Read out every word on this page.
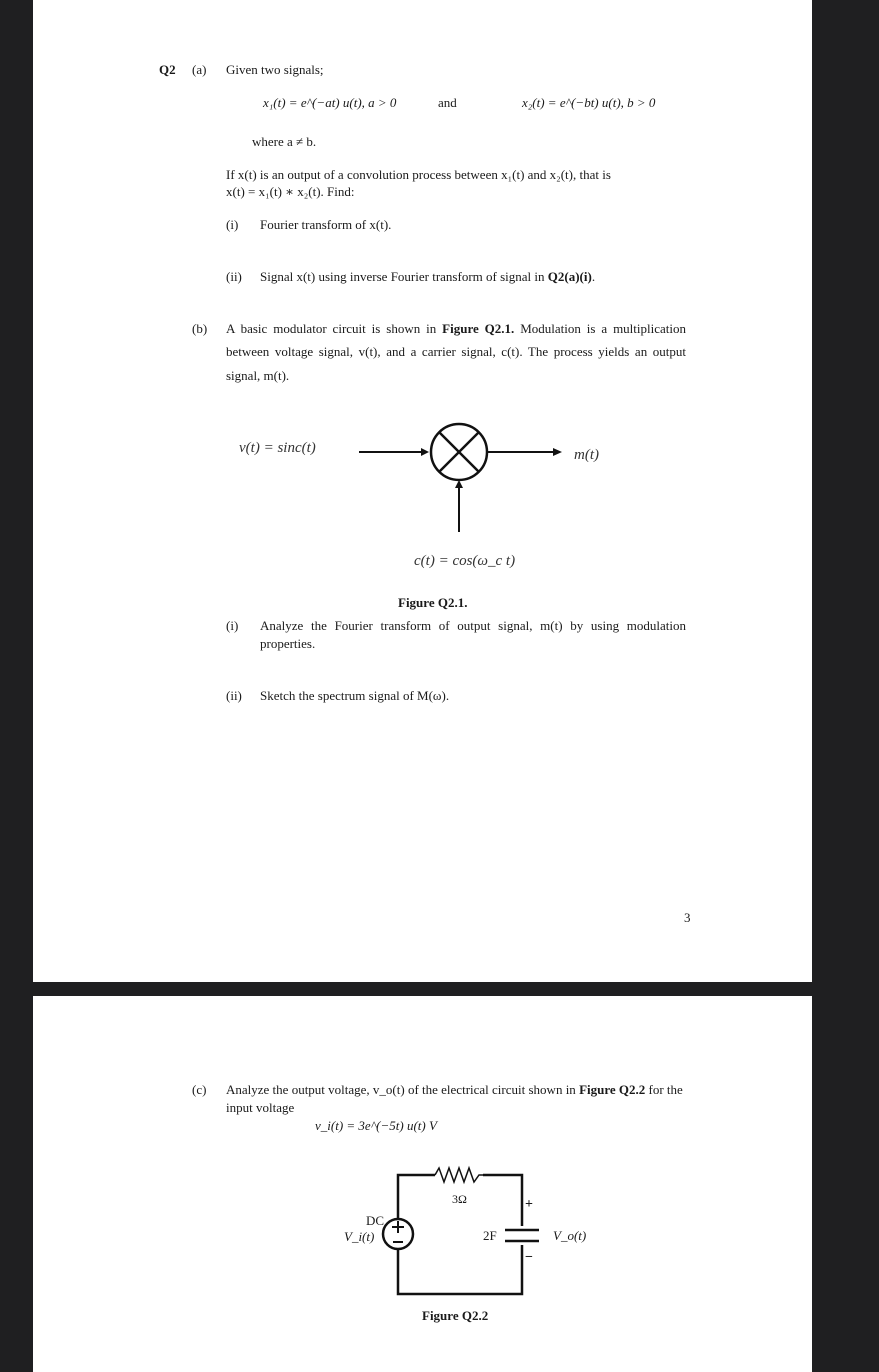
Q2 (a) Given two signals;
x₁(t) = e^(−at) u(t), a > 0	and	x₂(t) = e^(−bt) u(t), b > 0
where a ≠ b.
If x(t) is an output of a convolution process between x₁(t) and x₂(t), that is
x(t) = x₁(t) ∗ x₂(t). Find:
(i) Fourier transform of x(t).
(ii) Signal x(t) using inverse Fourier transform of signal in Q2(a)(i).
(b) A basic modulator circuit is shown in Figure Q2.1. Modulation is a multiplication
between voltage signal, v(t), and a carrier signal, c(t). The process yields an output
signal, m(t).
v(t) = sinc(t)	m(t)
c(t) = cos(ω_c t)
Figure Q2.1.
(i) Analyze the Fourier transform of output signal, m(t) by using modulation
properties.
(ii) Sketch the spectrum signal of M(ω).
3
(c) Analyze the output voltage, v_o(t) of the electrical circuit shown in Figure Q2.2 for the
input voltage
v_i(t) = 3e^(−5t) u(t) V
3Ω
DC
V_i(t)	2F
+
−
V_o(t)
Figure Q2.2
